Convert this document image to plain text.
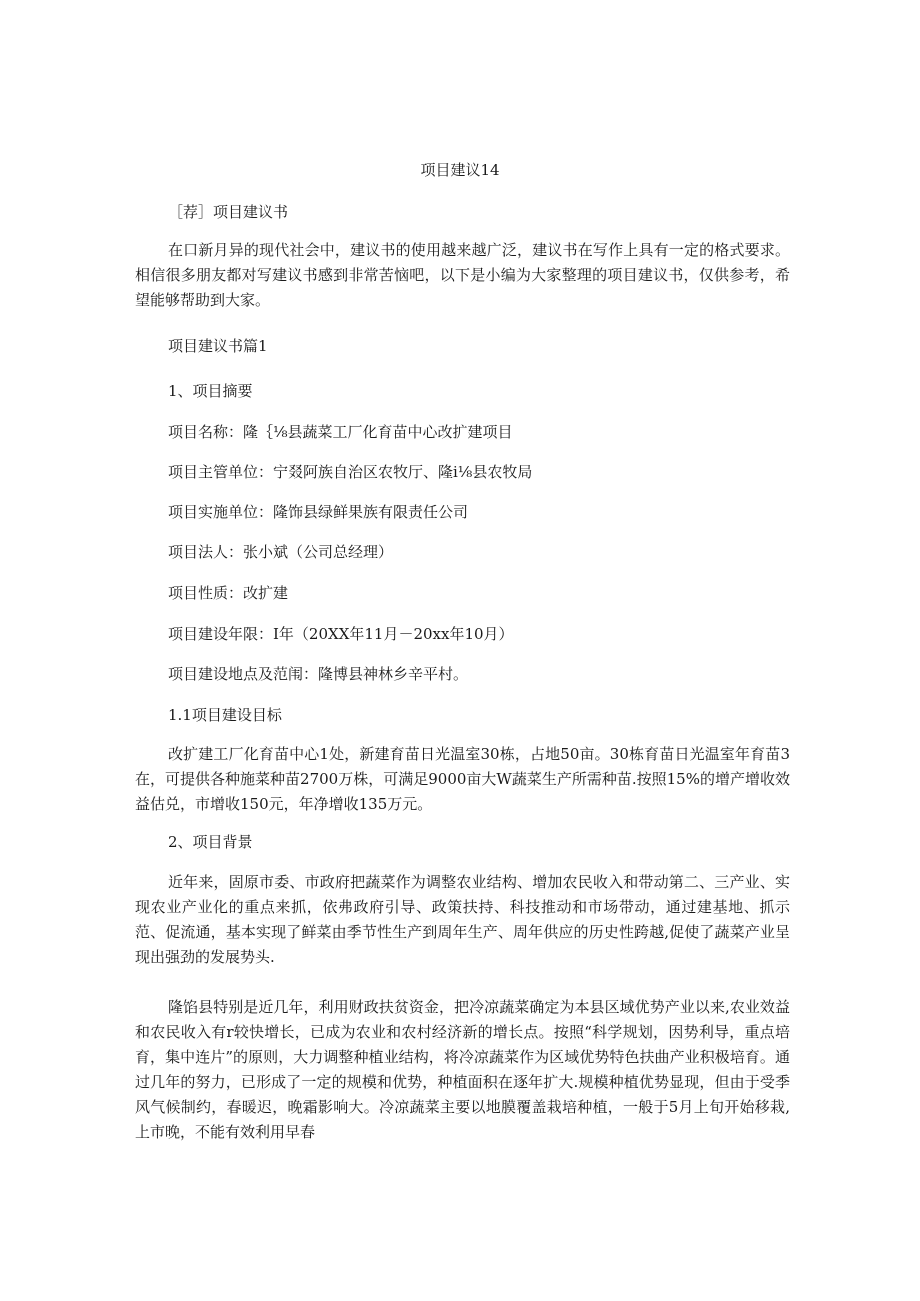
项目建议14
［荐］项目建议书
在口新月异的现代社会中，建议书的使用越来越广泛，建议书在写作上具有一定的格式要求。相信很多朋友都对写建议书感到非常苦恼吧，以下是小编为大家整理的项目建议书，仅供参考，希望能够帮助到大家。
项目建议书篇1
1、项目摘要
项目名称：隆｛⅛县蔬菜工厂化育苗中心改扩建项目
项目主管单位：宁叕阿族自治区农牧厅、隆i⅛县农牧局
项目实施单位：隆饰县绿鲜果族有限责任公司
项目法人：张小斌（公司总经理）
项目性质：改扩建
项目建设年限：I年（20XX年11月－20xx年10月）
项目建设地点及范闱：隆博县神林乡辛平村。
1.1项目建设目标
改扩建工厂化育苗中心1处，新建育苗日光温室30栋，占地50亩。30栋育苗日光温室年育苗3在，可提供各种施菜种苗2700万株，可满足9000亩大W蔬菜生产所需种苗.按照15%的增产增收效益估兑，市增收150元，年净增收135万元。
2、项目背景
近年来，固原市委、市政府把蔬菜作为调整农业结构、增加农民收入和带动第二、三产业、实现农业产业化的重点来抓，依弗政府引导、政策扶持、科技推动和市场带动，通过建基地、抓示范、促流通，基本实现了鲜菜由季节性生产到周年生产、周年供应的历史性跨越,促使了蔬菜产业呈现出强劲的发展势头.
隆馅县特别是近几年，利用财政扶贫资金，把冷凉蔬菜确定为本县区域优势产业以来,农业效益和农民收入有r较快增长，已成为农业和农村经济新的增长点。按照“科学规划，因势利导，重点培育，集中连片”的原则，大力调整种植业结构，将冷凉蔬菜作为区域优势特色扶曲产业积极培育。通过几年的努力，已形成了一定的规模和优势，种植面积在逐年扩大.规模种植优势显现，但由于受季风气候制约，春暖迟，晚霜影响大。冷凉蔬菜主要以地膜覆盖栽培种植，一般于5月上旬开始移栽,上市晚，不能有效利用早春
